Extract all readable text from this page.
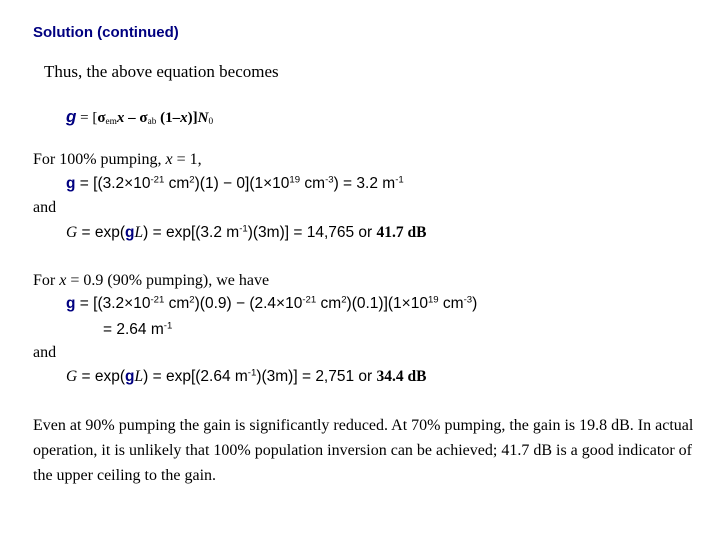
Solution (continued)
Thus, the above equation becomes
$g = [\sigma_{em}x - \sigma_{ab}$ $(1-x)]N_0$
For 100% pumping, x = 1,
$g = [(3.2\times 10^{-21}$ $cm^2)(1) - 0](1\times 10^{19}$ $cm^{-3}) = 3.2$ $m^{-1}$
and
G = exp(gL) = exp[(3.2 $m^{-1})(3m)] = 14,765$ or 41.7 dB
For x = 0.9 (90% pumping), we have
$g = [(3.2\times 10^{-21}$ $cm^2)(0.9) - (2.4\times 10^{-21}$ $cm^2)(0.1)](1\times 10^{19}$ $cm^{-3}$)
= 2.64 $m^{-1}$
and
G = exp(gL) = exp[(2.64 $m^{-1})(3m)] = 2,751$ or 34.4 dB
Even at 90% pumping the gain is significantly reduced. At 70% pumping, the gain is 19.8 dB. In actual operation, it is unlikely that 100% population inversion can be achieved; 41.7 dB is a good indicator of the upper ceiling to the gain.
